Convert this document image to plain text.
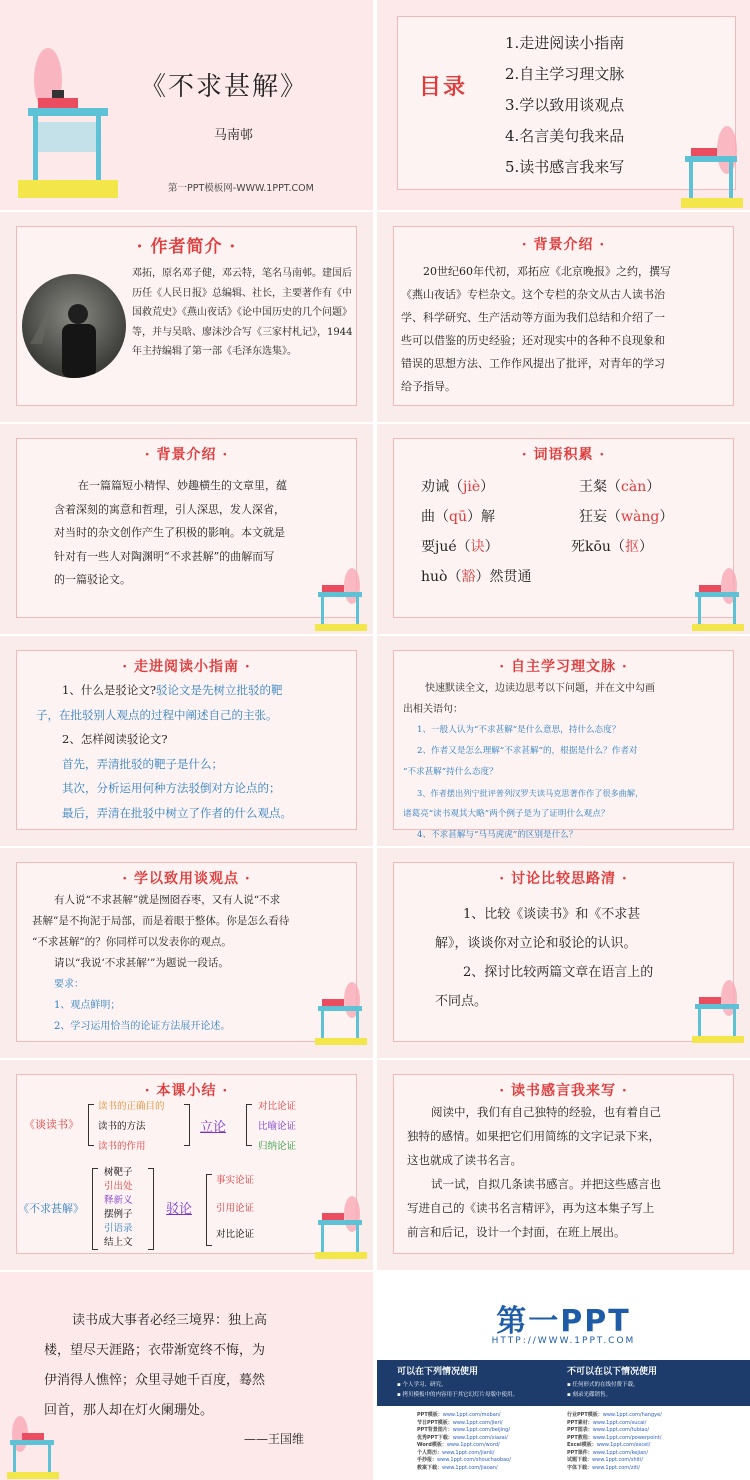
《不求甚解》
马南邨
第一PPT模板网-WWW.1PPT.COM
目录
1.走进阅读小指南
2.自主学习理文脉
3.学以致用谈观点
4.名言美句我来品
5.读书感言我来写
· 作者简介 ·
邓拓，原名邓子健，邓云特，笔名马南邨。建国后历任《人民日报》总编辑、社长，主要著作有《中国救荒史》《燕山夜话》《论中国历史的几个问题》等，并与吴晗、廖沫沙合写《三家村札记》，1944年主持编辑了第一部《毛泽东选集》。
· 背景介绍 ·
20世纪60年代初，邓拓应《北京晚报》之约，撰写
《燕山夜话》专栏杂文。这个专栏的杂文从古人读书治
学、科学研究、生产活动等方面为我们总结和介绍了一
些可以借鉴的历史经验；还对现实中的各种不良现象和
错误的思想方法、工作作风提出了批评，对青年的学习
给予指导。
· 背景介绍 ·
在一篇篇短小精悍、妙趣横生的文章里，蕴
含着深刻的寓意和哲理，引人深思，发人深省，
对当时的杂文创作产生了积极的影响。本文就是
针对有一些人对陶渊明“不求甚解”的曲解而写
的一篇驳论文。
· 词语积累 ·
劝诫（jiè）	王粲（càn）
曲（qū）解	狂妄（wàng）
要jué（诀）	死kōu（抠）
huò（豁）然贯通
· 走进阅读小指南 ·
1、什么是驳论文?驳论文是先树立批驳的靶
子，在批驳别人观点的过程中阐述自己的主张。
2、怎样阅读驳论文?
首先，弄清批驳的靶子是什么；
其次，分析运用何种方法驳倒对方论点的；
最后，弄清在批驳中树立了作者的什么观点。
· 自主学习理文脉 ·
快速默读全文，边读边思考以下问题，并在文中勾画
出相关语句：
1、一般人认为“不求甚解”是什么意思，持什么态度？
2、作者又是怎么理解“不求甚解”的，根据是什么？作者对
“不求甚解”持什么态度？
3、作者摆出列宁批评普列汉罗夫读马克思著作作了很多曲解，
诸葛亮“读书观其大略”两个例子是为了证明什么观点？
4、不求甚解与“马马虎虎”的区别是什么？
· 学以致用谈观点 ·
有人说“不求甚解”就是囫囵吞枣，又有人说“不求
甚解”是不拘泥于局部，而是着眼于整体。你是怎么看待
“不求甚解”的？你同样可以发表你的观点。
请以“我说‘不求甚解’”为题说一段话。
要求：
1、观点鲜明；
2、学习运用恰当的论证方法展开论述。
· 讨论比较思路清 ·
1、比较《谈读书》和《不求甚
解》，谈谈你对立论和驳论的认识。
2、探讨比较两篇文章在语言上的
不同点。
· 本课小结 ·
《谈读书》
读书的正确目的
读书的方法
读书的作用
立论
对比论证
比喻论证
归纳论证
《不求甚解》
树靶子
引出处
释新义
摆例子
引语录
结上文
驳论
事实论证
引用论证
对比论证
· 读书感言我来写 ·
阅读中，我们有自己独特的经验，也有着自己
独特的感情。如果把它们用简练的文字记录下来，
这也就成了读书名言。
试一试，自拟几条读书感言。并把这些感言也
写进自己的《读书名言精评》，再为这本集子写上
前言和后记，设计一个封面，在班上展出。
读书成大事者必经三境界：独上高
楼，望尽天涯路；衣带渐宽终不悔，为
伊消得人憔悴；众里寻她千百度，蓦然
回首，那人却在灯火阑珊处。
——王国维
第一PPT
HTTP://WWW.1PPT.COM
可以在下列情况使用
▪ 个人学习、研究。
▪ 拷贝模板中的内容用于其它幻灯片母版中使用。
不可以在以下情况使用
▪ 任何形式的在线付费下载。
▪ 刻录光碟销售。
PPT模板：www.1ppt.com/moban/
节日PPT模板：www.1ppt.com/jieri/
PPT背景图片：www.1ppt.com/beijing/
优秀PPT下载：www.1ppt.com/xiazai/
Word模板：www.1ppt.com/word/
个人简历：www.1ppt.com/jianli/
手抄报：www.1ppt.com/shouchaobao/
教案下载：www.1ppt.com/jiaoan/
行业PPT模板：www.1ppt.com/hangye/
PPT素材：www.1ppt.com/sucai/
PPT图表：www.1ppt.com/tubiao/
PPT教程：www.1ppt.com/powerpoint/
Excel模板：www.1ppt.com/excel/
PPT课件：www.1ppt.com/kejian/
试题下载：www.1ppt.com/shiti/
字体下载：www.1ppt.com/ziti/
